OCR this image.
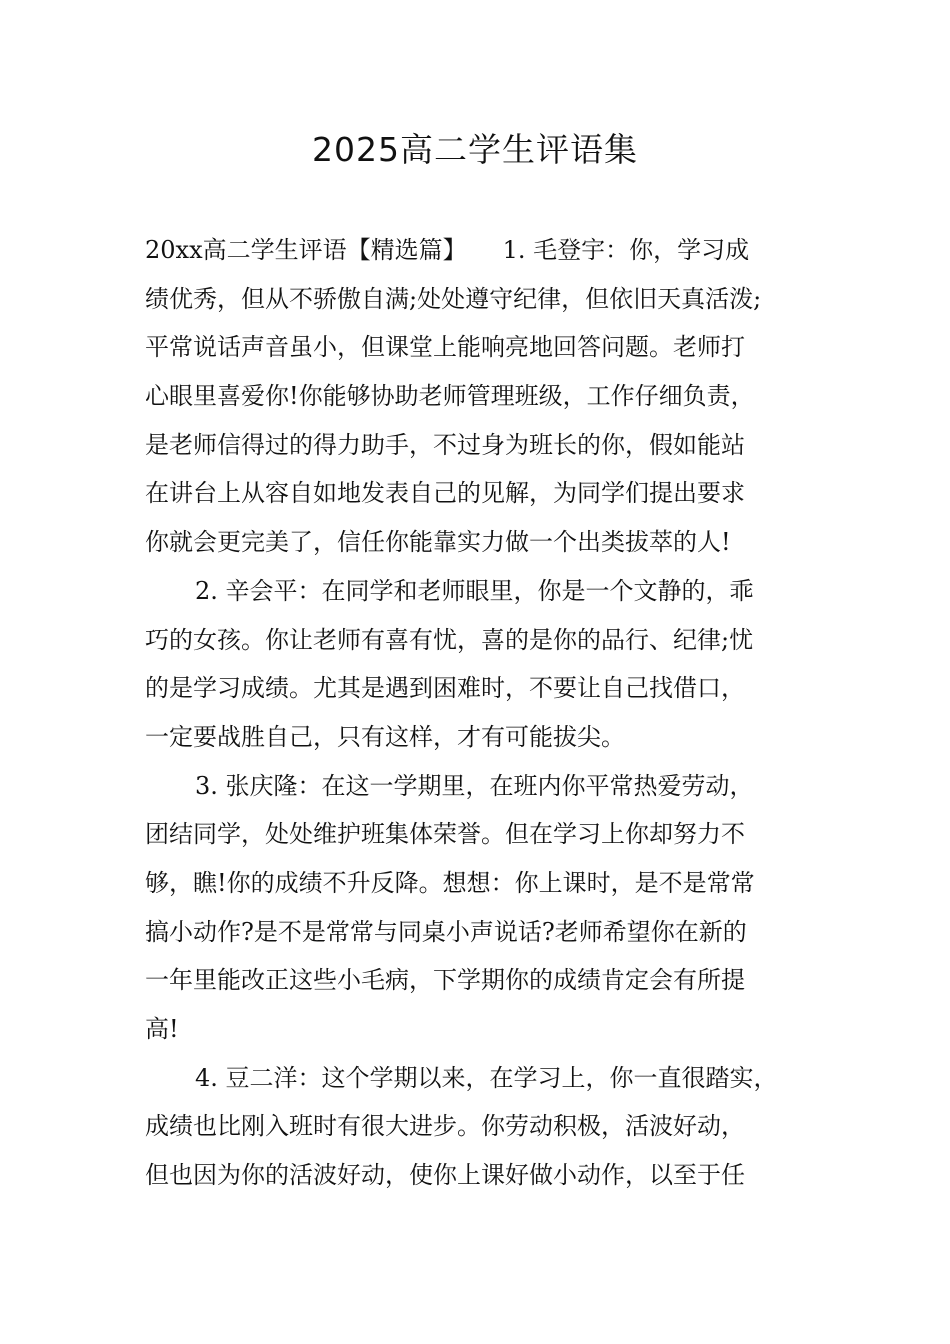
2025高二学生评语集
20xx高二学生评语【精选篇】　　1. 毛登宇：你，学习成
绩优秀，但从不骄傲自满;处处遵守纪律，但依旧天真活泼;
平常说话声音虽小，但课堂上能响亮地回答问题。老师打
心眼里喜爱你!你能够协助老师管理班级，工作仔细负责，
是老师信得过的得力助手，不过身为班长的你，假如能站
在讲台上从容自如地发表自己的见解，为同学们提出要求
你就会更完美了，信任你能靠实力做一个出类拔萃的人!
2. 辛会平：在同学和老师眼里，你是一个文静的，乖
巧的女孩。你让老师有喜有忧，喜的是你的品行、纪律;忧
的是学习成绩。尤其是遇到困难时，不要让自己找借口，
一定要战胜自己，只有这样，才有可能拔尖。
3. 张庆隆：在这一学期里，在班内你平常热爱劳动，
团结同学，处处维护班集体荣誉。但在学习上你却努力不
够，瞧!你的成绩不升反降。想想：你上课时，是不是常常
搞小动作?是不是常常与同桌小声说话?老师希望你在新的
一年里能改正这些小毛病，下学期你的成绩肯定会有所提
高!
4. 豆二洋：这个学期以来，在学习上，你一直很踏实，
成绩也比刚入班时有很大进步。你劳动积极，活波好动，
但也因为你的活波好动，使你上课好做小动作，以至于任
